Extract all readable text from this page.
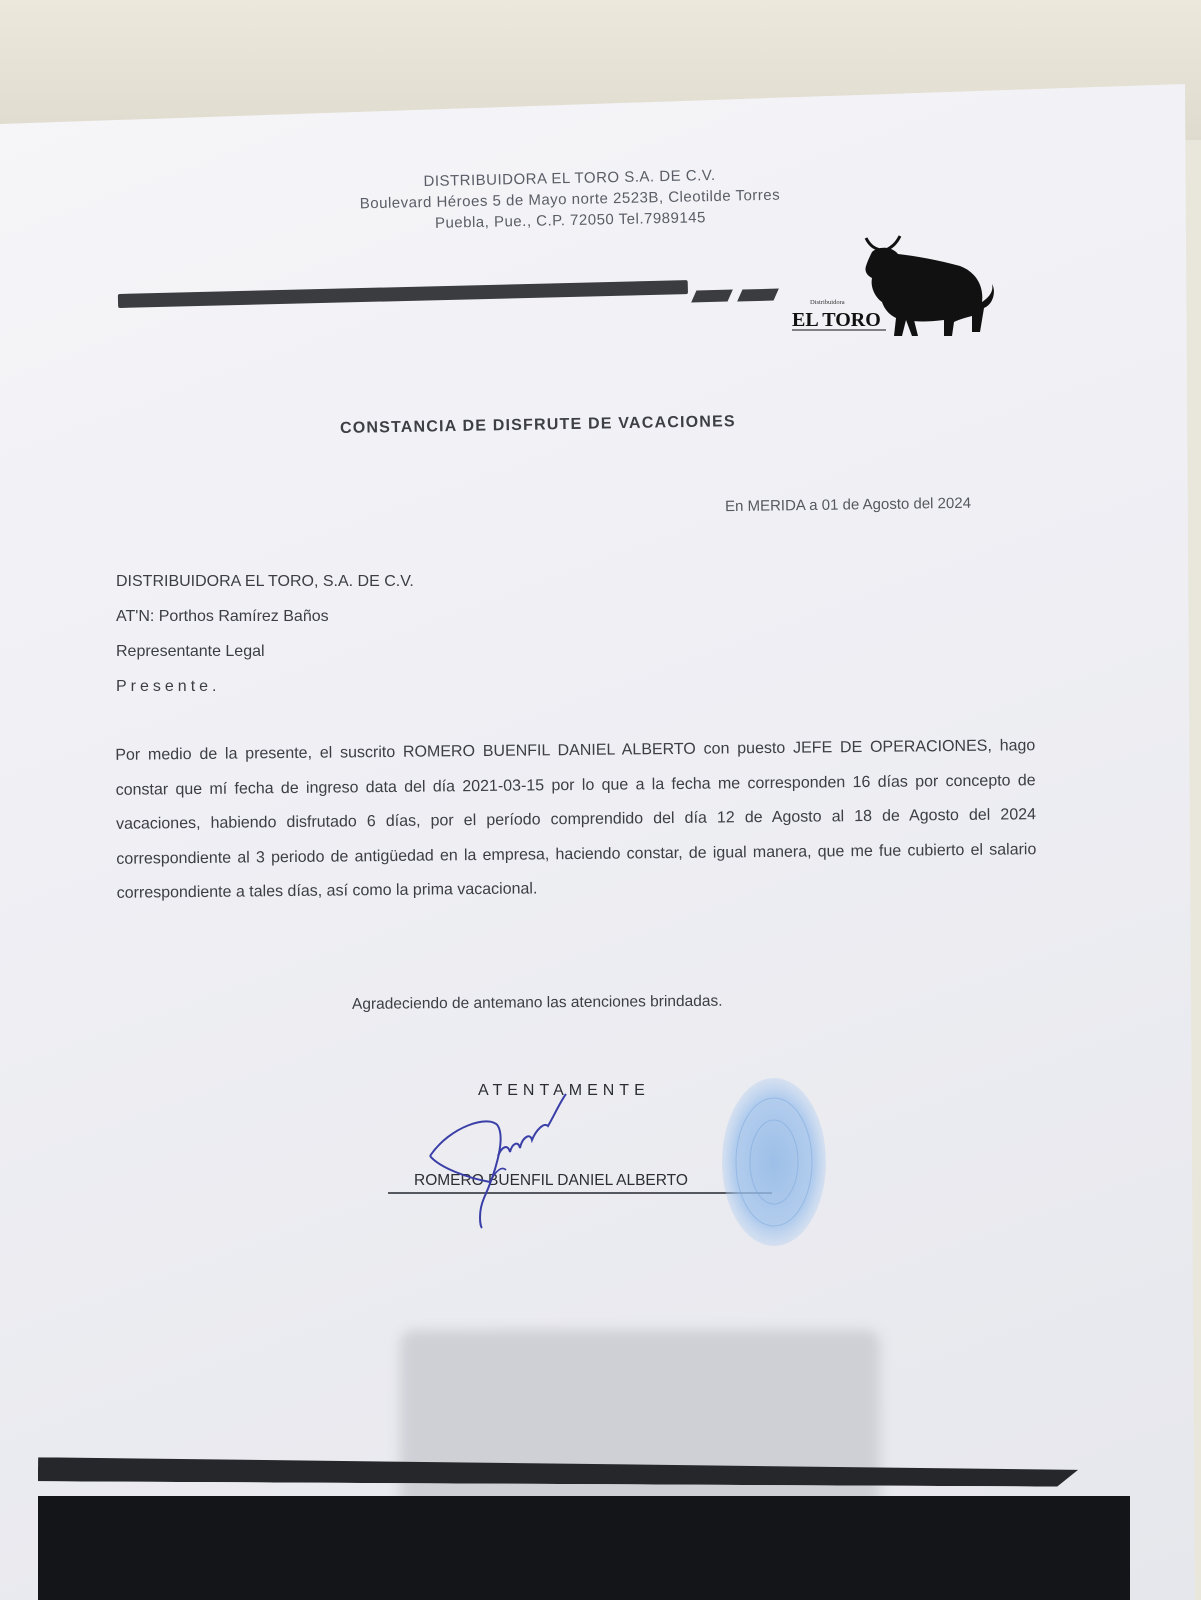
DISTRIBUIDORA EL TORO S.A. DE C.V.
Boulevard Héroes 5 de Mayo norte 2523B, Cleotilde Torres
Puebla, Pue., C.P. 72050 Tel.7989145
Distribuidora
EL TORO
CONSTANCIA DE DISFRUTE DE VACACIONES
En MERIDA a 01 de Agosto del 2024
DISTRIBUIDORA EL TORO, S.A. DE C.V.
AT'N: Porthos Ramírez Baños
Representante Legal
Presente.
Por medio de la presente, el suscrito ROMERO BUENFIL DANIEL ALBERTO con puesto JEFE DE OPERACIONES, hago constar que mí fecha de ingreso data del día 2021-03-15 por lo que a la fecha me corresponden 16 días por concepto de vacaciones, habiendo disfrutado 6 días, por el período comprendido del día 12 de Agosto al 18 de Agosto del 2024 correspondiente al 3 periodo de antigüedad en la empresa, haciendo constar, de igual manera, que me fue cubierto el salario correspondiente a tales días, así como la prima vacacional.
Agradeciendo de antemano las atenciones brindadas.
ATENTAMENTE
ROMERO BUENFIL DANIEL ALBERTO
